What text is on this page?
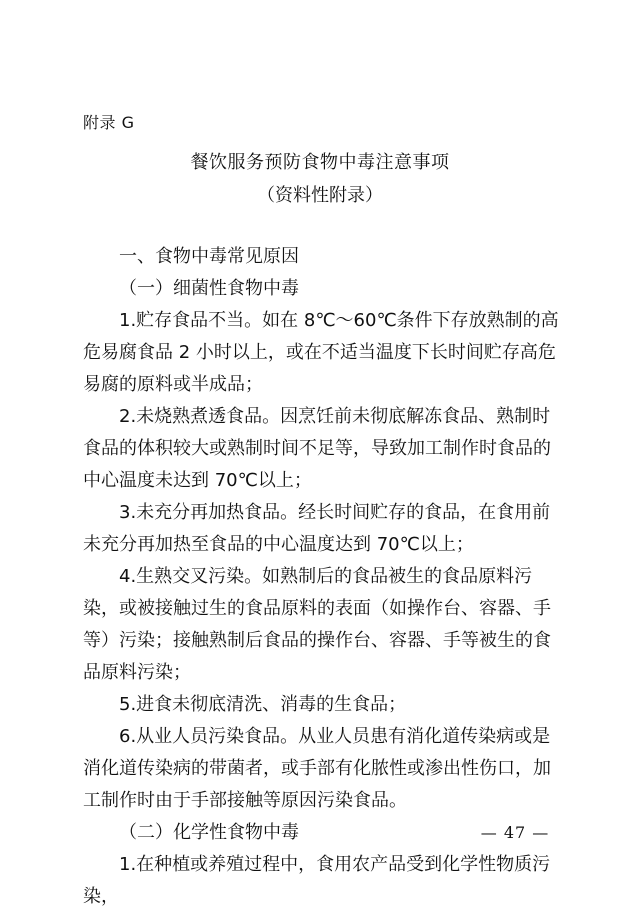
附录 G
餐饮服务预防食物中毒注意事项
（资料性附录）

一、食物中毒常见原因

（一）细菌性食物中毒

1.贮存食品不当。如在 8℃～60℃条件下存放熟制的高危易腐食品 2 小时以上，或在不适当温度下长时间贮存高危易腐的原料或半成品；

2.未烧熟煮透食品。因烹饪前未彻底解冻食品、熟制时食品的体积较大或熟制时间不足等，导致加工制作时食品的中心温度未达到 70℃以上；

3.未充分再加热食品。经长时间贮存的食品，在食用前未充分再加热至食品的中心温度达到 70℃以上；

4.生熟交叉污染。如熟制后的食品被生的食品原料污染，或被接触过生的食品原料的表面（如操作台、容器、手等）污染；接触熟制后食品的操作台、容器、手等被生的食品原料污染；

5.进食未彻底清洗、消毒的生食品；

6.从业人员污染食品。从业人员患有消化道传染病或是消化道传染病的带菌者，或手部有化脓性或渗出性伤口，加工制作时由于手部接触等原因污染食品。

（二）化学性食物中毒

1.在种植或养殖过程中，食用农产品受到化学性物质污染，

— 47 —
